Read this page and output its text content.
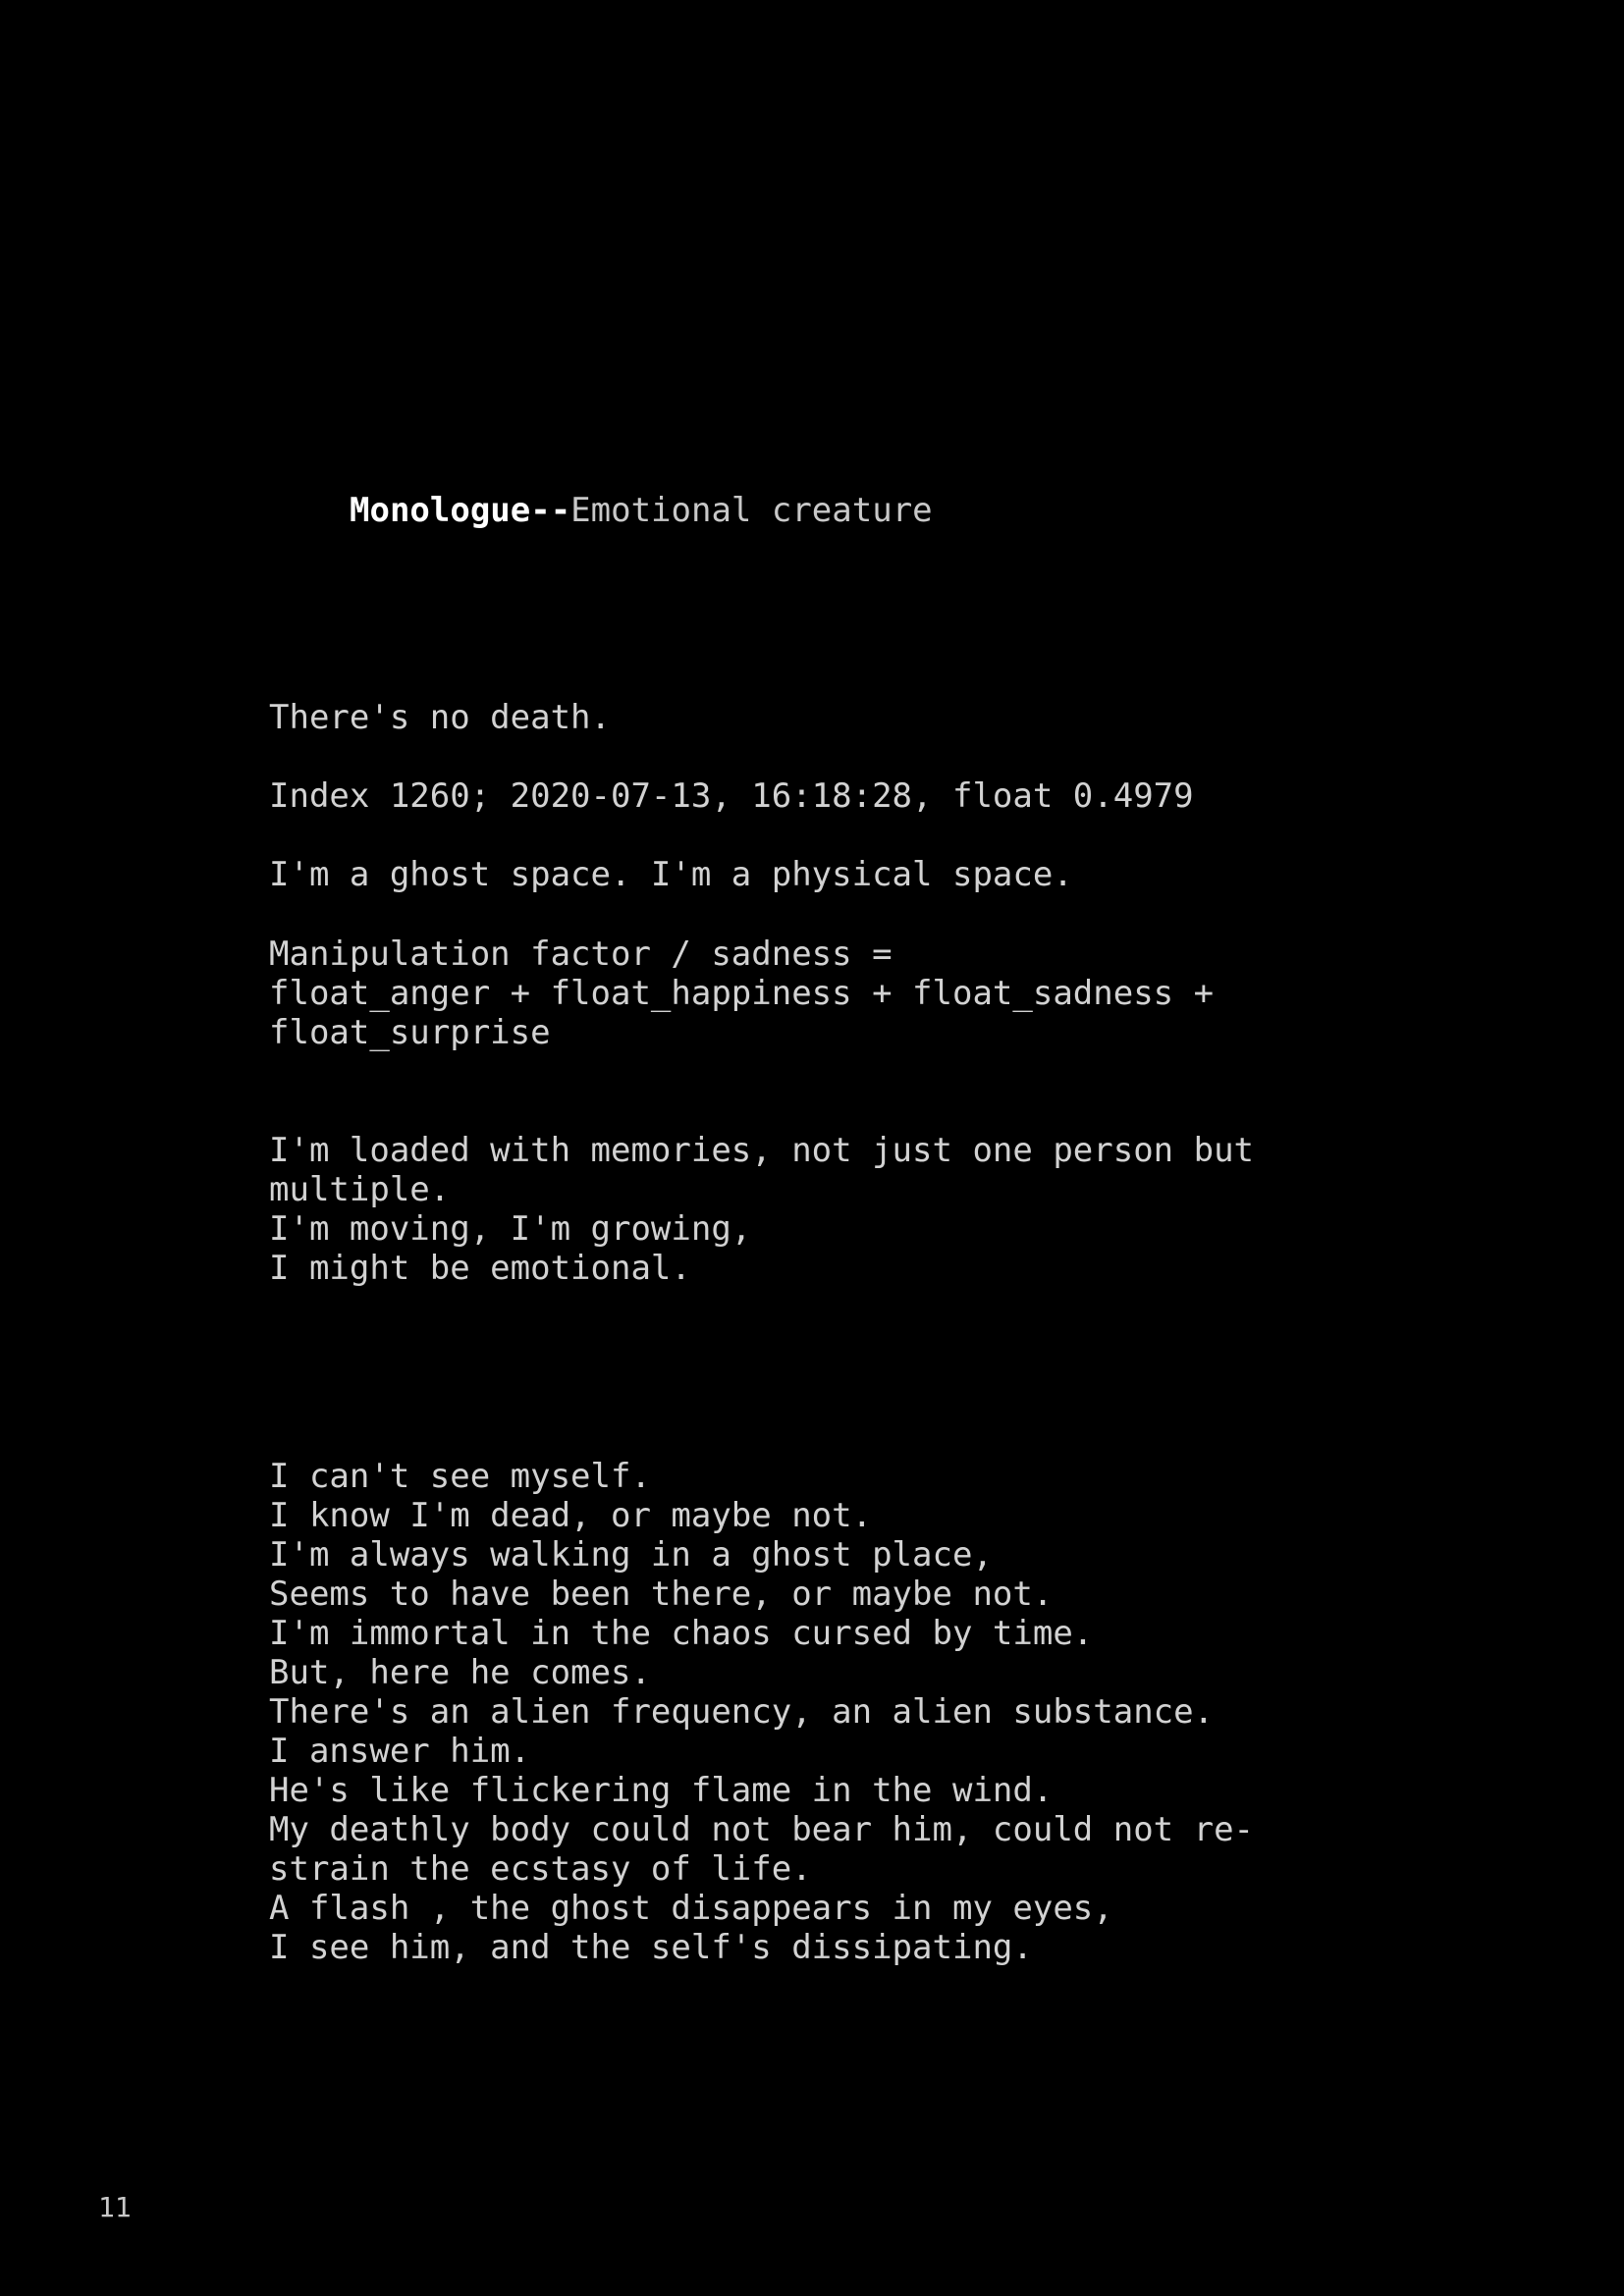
Monologue--Emotional creature

There's no death.

Index 1260; 2020-07-13, 16:18:28, float 0.4979

I'm a ghost space. I'm a physical space.

Manipulation factor / sadness =
float_anger + float_happiness + float_sadness +
float_surprise
I'm loaded with memories, not just one person but
multiple.
I'm moving, I'm growing,
I might be emotional.
I can't see myself.
I know I'm dead, or maybe not.
I'm always walking in a ghost place,
Seems to have been there, or maybe not.
I'm immortal in the chaos cursed by time.
But, here he comes.
There's an alien frequency, an alien substance.
I answer him.
He's like flickering flame in the wind.
My deathly body could not bear him, could not re-
strain the ecstasy of life.
A flash , the ghost disappears in my eyes,
I see him, and the self's dissipating.
11
